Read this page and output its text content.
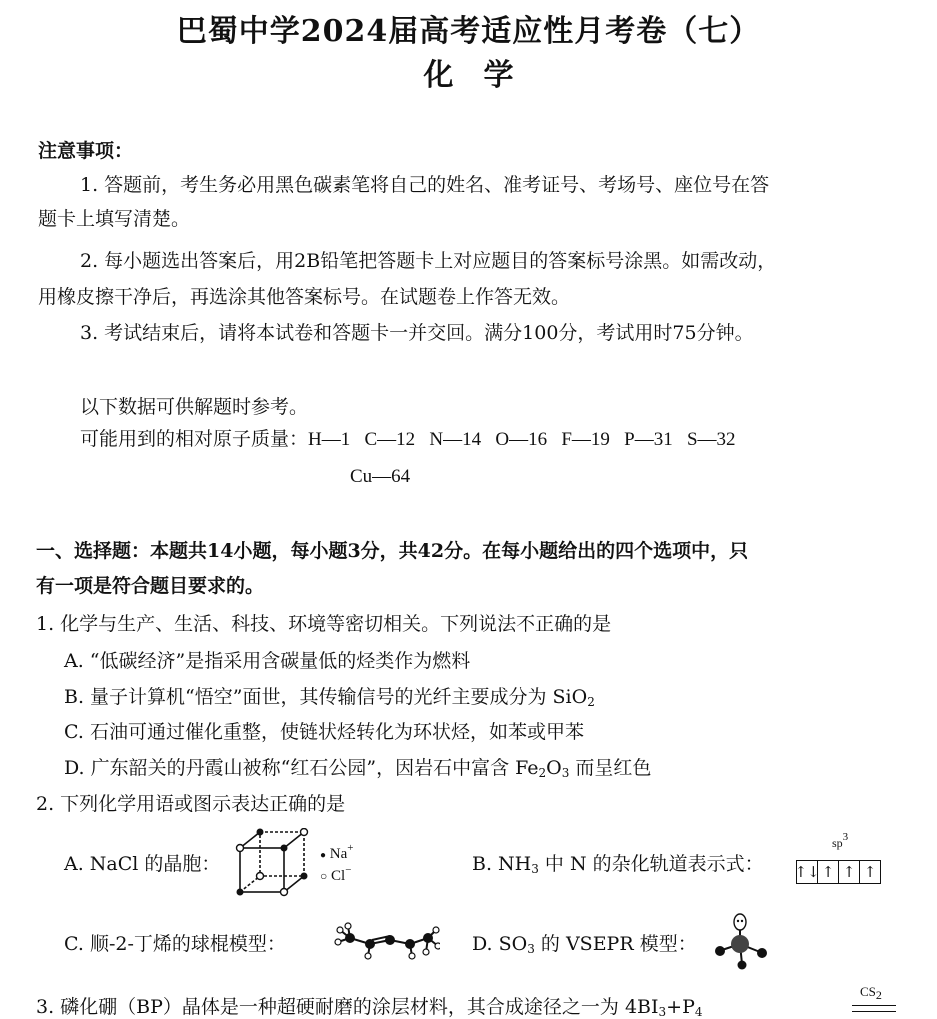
巴蜀中学2024届高考适应性月考卷（七）
化学
注意事项：
1. 答题前，考生务必用黑色碳素笔将自己的姓名、准考证号、考场号、座位号在答
题卡上填写清楚。
2. 每小题选出答案后，用2B铅笔把答题卡上对应题目的答案标号涂黑。如需改动，
用橡皮擦干净后，再选涂其他答案标号。在试题卷上作答无效。
3. 考试结束后，请将本试卷和答题卡一并交回。满分100分，考试用时75分钟。
以下数据可供解题时参考。
可能用到的相对原子质量：H—1   C—12   N—14   O—16   F—19   P—31   S—32
Cu—64
一、选择题：本题共14小题，每小题3分，共42分。在每小题给出的四个选项中，只
有一项是符合题目要求的。
1. 化学与生产、生活、科技、环境等密切相关。下列说法不正确的是
A. “低碳经济”是指采用含碳量低的烃类作为燃料
B. 量子计算机“悟空”面世，其传输信号的光纤主要成分为 SiO$_2$
C. 石油可通过催化重整，使链状烃转化为环状烃，如苯或甲苯
D. 广东韶关的丹霞山被称“红石公园”，因岩石中富含 $Fe_2O_3$ 而呈红色
2. 下列化学用语或图示表达正确的是
A. NaCl 的晶胞：	● Na+
○ Cl−	B. $NH_3$ 中 N 的杂化轨道表示式：
$sp^3$
↑↓ ↑ ↑ ↑
C. 顺-2-丁烯的球棍模型：	D. $SO_3$ 的 VSEPR 模型：
3. 磷化硼（BP）晶体是一种超硬耐磨的涂层材料，其合成途径之一为 $4BI_3+P_4$
$CS_2$
